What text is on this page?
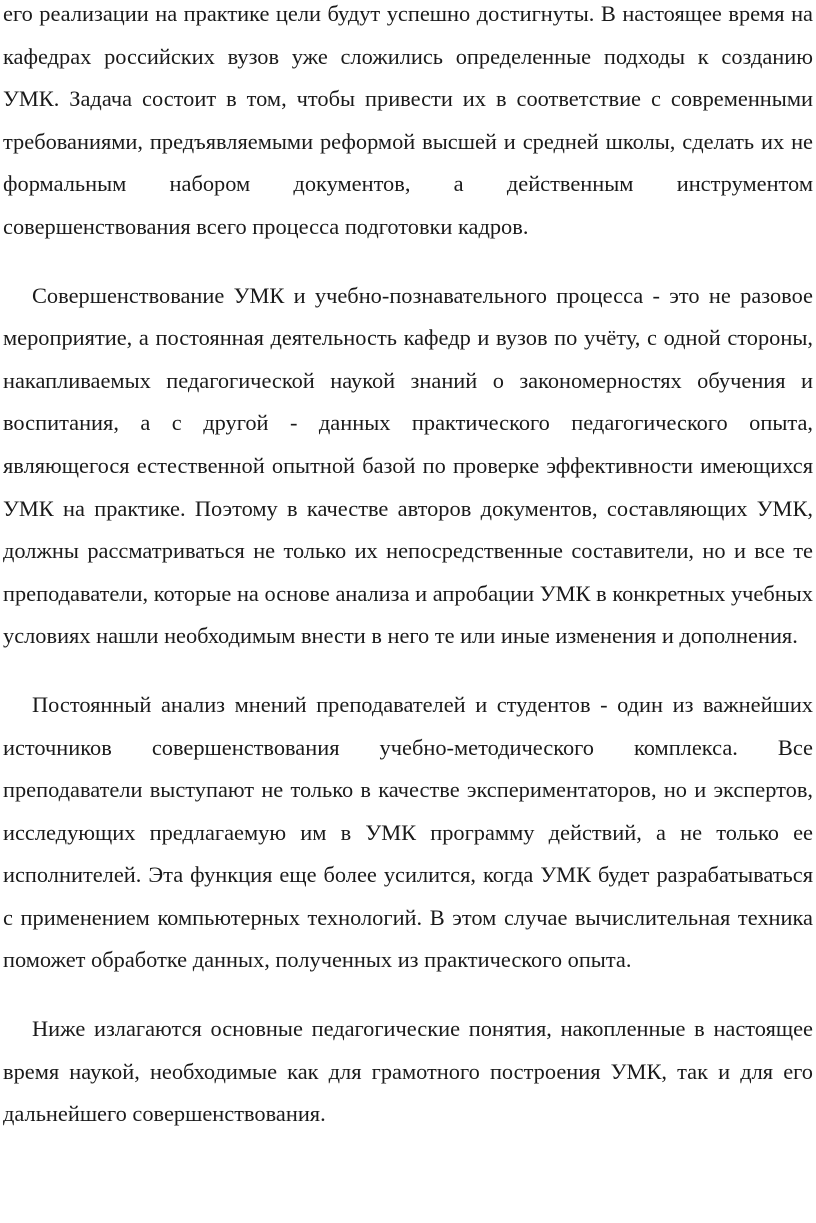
его реализации на практике цели будут успешно достигнуты. В настоящее время на кафедрах российских вузов уже сложились определенные подходы к созданию УМК. Задача состоит в том, чтобы привести их в соответствие с современными требованиями, предъявляемыми реформой высшей и средней школы, сделать их не формальным набором документов, а действенным инструментом совершенствования всего процесса подготовки кадров.

Совершенствование УМК и учебно-познавательного процесса - это не разовое мероприятие, а постоянная деятельность кафедр и вузов по учёту, с одной стороны, накапливаемых педагогической наукой знаний о закономерностях обучения и воспитания, а с другой - данных практического педагогического опыта, являющегося естественной опытной базой по проверке эффективности имеющихся УМК на практике. Поэтому в качестве авторов документов, составляющих УМК, должны рассматриваться не только их непосредственные составители, но и все те преподаватели, которые на основе анализа и апробации УМК в конкретных учебных условиях нашли необходимым внести в него те или иные изменения и дополнения.

Постоянный анализ мнений преподавателей и студентов - один из важнейших источников совершенствования учебно-методического комплекса. Все преподаватели выступают не только в качестве экспериментаторов, но и экспертов, исследующих предлагаемую им в УМК программу действий, а не только ее исполнителей. Эта функция еще более усилится, когда УМК будет разрабатываться с применением компьютерных технологий. В этом случае вычислительная техника поможет обработке данных, полученных из практического опыта.

Ниже излагаются основные педагогические понятия, накопленные в настоящее время наукой, необходимые как для грамотного построения УМК, так и для его дальнейшего совершенствования.
